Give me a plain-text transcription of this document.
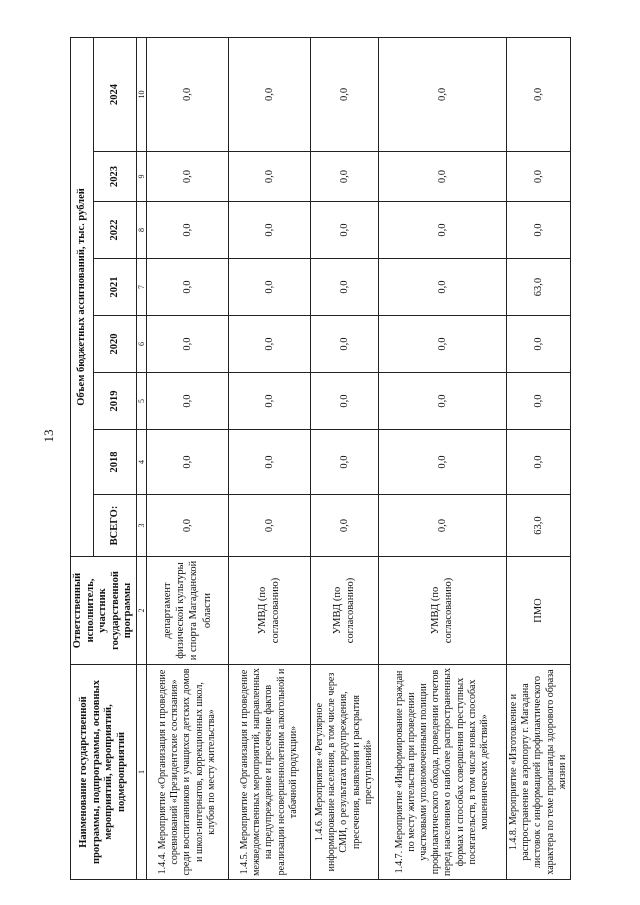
13
Наименование государственной программы, подпрограммы, основных мероприятий, мероприятий, подмероприятий	Ответственный исполнитель, участник государственной программы	Объем бюджетных ассигнований, тыс. рублей							
		ВСЕГО:	2018	2019	2020	2021	2022	2023	2024
1	2	3	4	5	6	7	8	9	10
1.4.4. Мероприятие «Организация и проведение соревнований «Президентские состязания» среди воспитанников и учащихся детских домов и школ-интернатов, коррекционных школ, клубов по месту жительства»	департамент физической культуры и спорта Магаданской области	0,0	0,0	0,0	0,0	0,0	0,0	0,0	0,0
1.4.5. Мероприятие «Организация и проведение межведомственных мероприятий, направленных на предупреждение и пресечение фактов реализации несовершеннолетним алкогольной и табачной продукции»	УМВД (по согласованию)	0,0	0,0	0,0	0,0	0,0	0,0	0,0	0,0
1.4.6. Мероприятие «Регулярное информирование населения, в том числе через СМИ, о результатах предупреждения, пресечения, выявления и раскрытия преступлений»	УМВД (по согласованию)	0,0	0,0	0,0	0,0	0,0	0,0	0,0	0,0
1.4.7. Мероприятие «Информирование граждан по месту жительства при проведении участковыми уполномоченными полиции профилактического обхода, проведении отчетов перед населением о наиболее распространенных формах и способах совершения преступных посягательств, в том числе новых способах мошеннических действий»	УМВД (по согласованию)	0,0	0,0	0,0	0,0	0,0	0,0	0,0	0,0
1.4.8. Мероприятие «Изготовление и распространение в аэропорту г. Магадана листовок с информацией профилактического характера по теме пропаганды здорового образа жизни и	ПМО	63,0	0,0	0,0	0,0	63,0	0,0	0,0	0,0
